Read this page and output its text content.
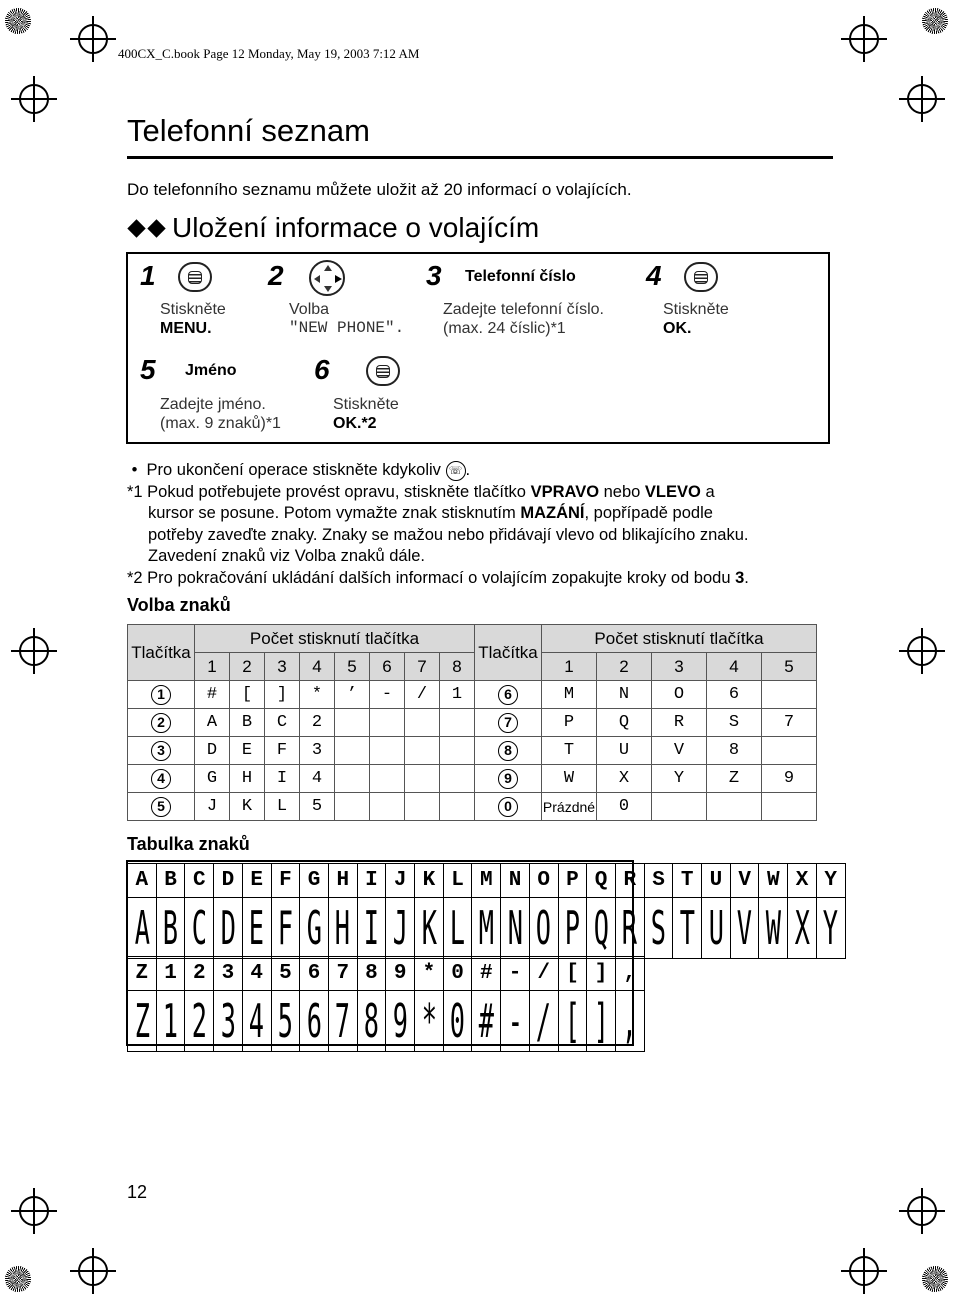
400CX_C.book Page 12 Monday, May 19, 2003 7:12 AM
Telefonní seznam
Do telefonního seznamu můžete uložit až 20 informací o volajících.
Uložení informace o volajícím
1
Stiskněte
MENU.
2
Volba
"NEW PHONE".
3 Telefonní číslo
Zadejte telefonní číslo.
(max. 24 číslic)*1
4
Stiskněte
OK.
5 Jméno
Zadejte jméno.
(max. 9 znaků)*1
6
Stiskněte
OK.*2

•  Pro ukončení operace stiskněte kdykoliv ☏ .

*1 Pokud potřebujete provést opravu, stiskněte tlačítko VPRAVO nebo VLEVO a

kursor se posune. Potom vymažte znak stisknutím MAZÁNÍ, popřípadě podle

potřeby zaveďte znaky. Znaky se mažou nebo přidávají vlevo od blikajícího znaku.

Zavedení znaků viz Volba znaků dále.

*2 Pro pokračování ukládání dalších informací o volajícím zopakujte kroky od bodu 3.

Volba znaků
Tlačítka	Počet stisknutí tlačítka								Tlačítka	Počet stisknutí tlačítka				
	1	2	3	4	5	6	7	8		1	2	3	4	5
1	#	[	]	*	’	-	/	1	6	M	N	O	6	
2	A	B	C	2					7	P	Q	R	S	7
3	D	E	F	3					8	T	U	V	8	
4	G	H	I	4					9	W	X	Y	Z	9
5	J	K	L	5					0	Prázdné	0			
Tabulka znaků
A	B	C	D	E	F	G	H	I	J	K	L	M	N	O	P	Q	R	S	T	U	V	W	X	Y
A	B	C	D	E	F	G	H	I	J	K	L	M	N	O	P	Q	R	S	T	U	V	W	X	Y
Z	1	2	3	4	5	6	7	8	9	*	0	#	-	/	[	]	,
Z	1	2	3	4	5	6	7	8	9	*	0	#	-	/	[	]	,
12
